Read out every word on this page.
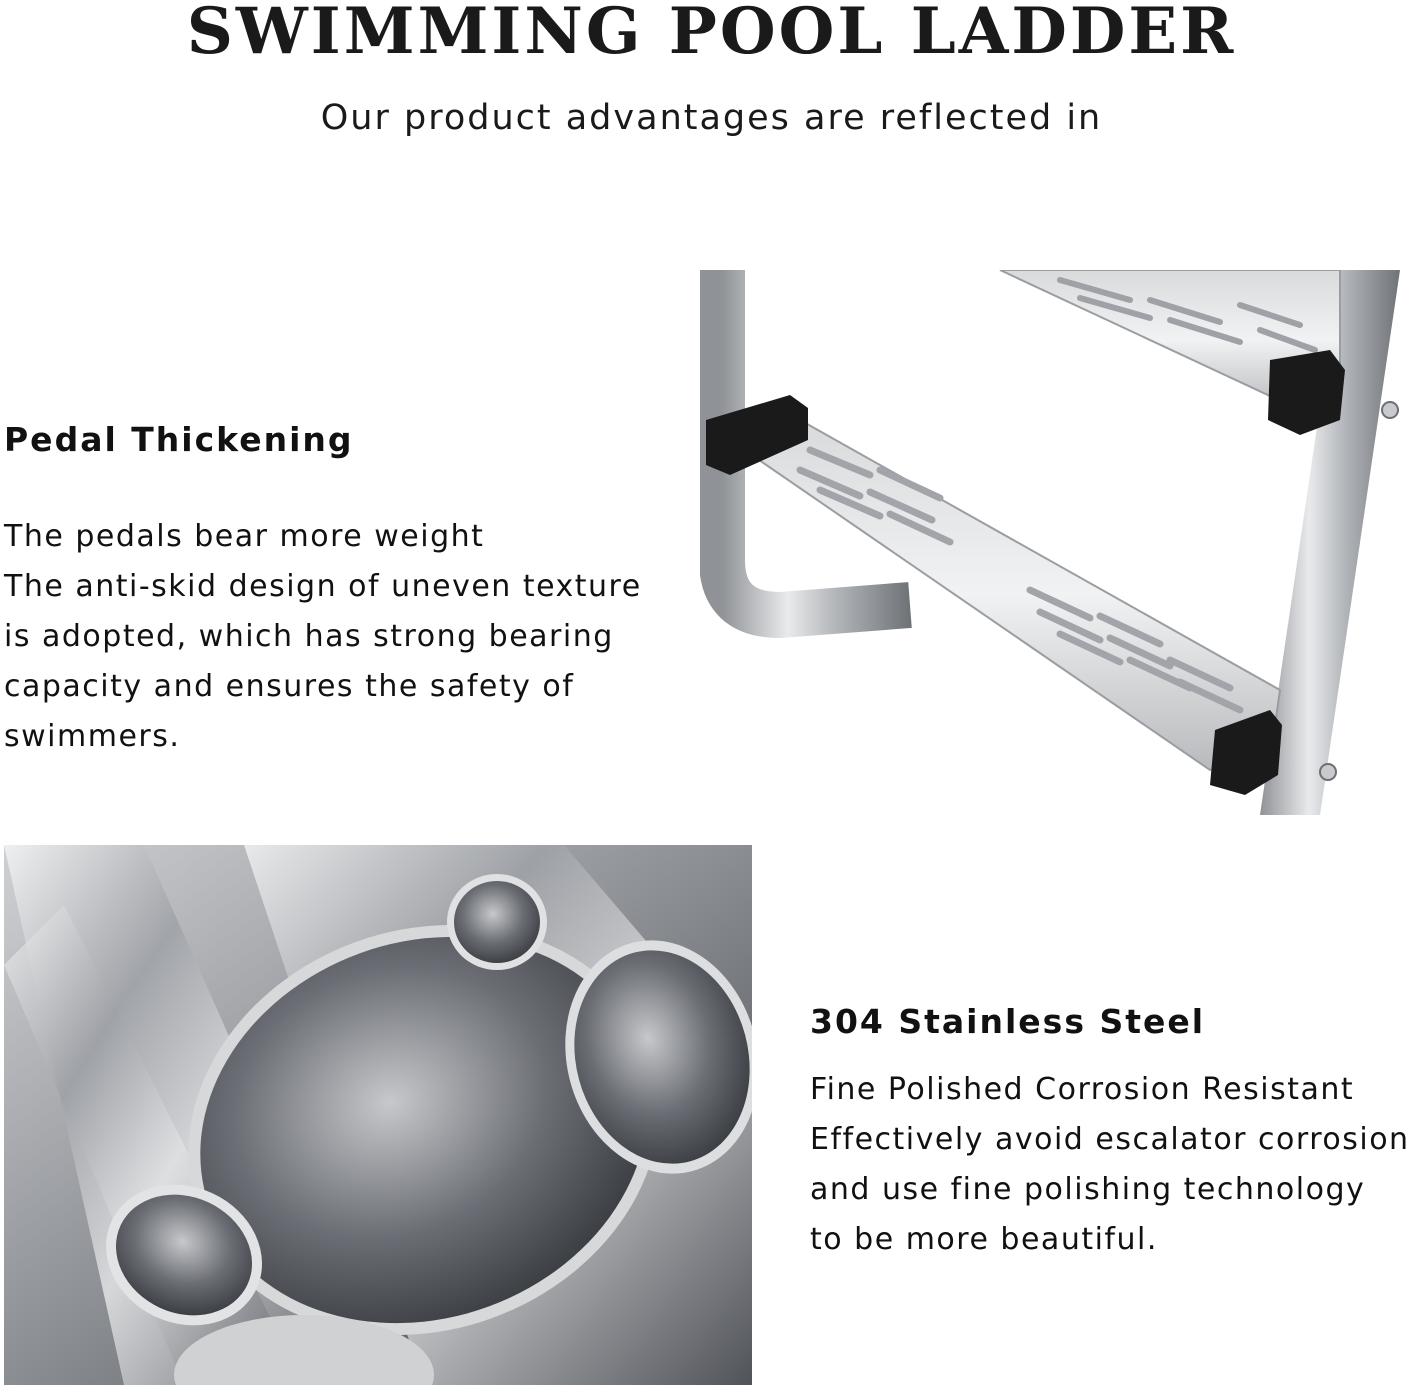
SWIMMING POOL LADDER
Our product advantages are reflected in
Pedal Thickening
The pedals bear more weight
The anti-skid design of uneven texture
is adopted, which has strong bearing
capacity and ensures the safety of
swimmers.
304 Stainless Steel
Fine Polished Corrosion Resistant
Effectively avoid escalator corrosion
and use fine polishing technology
to be more beautiful.
